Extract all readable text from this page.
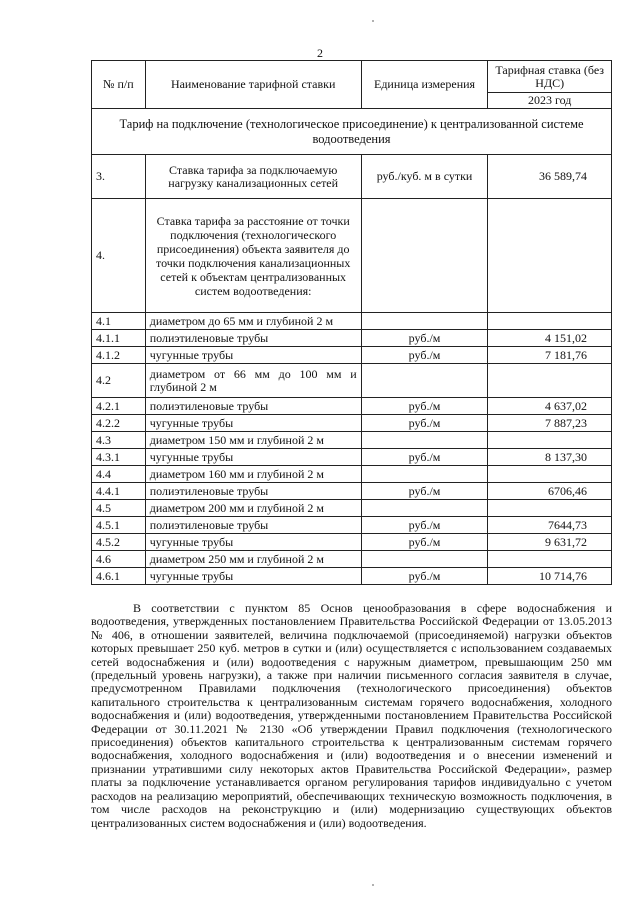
2
№ п/п	Наименование тарифной ставки	Единица измерения	Тарифная ставка (без НДС)
			2023 год
Тариф на подключение (технологическое присоединение) к централизованной системе водоотведения			
3.	Ставка тарифа за подключаемую нагрузку канализационных сетей	руб./куб. м в сутки	36 589,74
4.	Ставка тарифа за расстояние от точки подключения (технологического присоединения) объекта заявителя до точки подключения канализационных сетей к объектам централизованных систем водоотведения:		
4.1	диаметром до 65 мм и глубиной 2 м		
4.1.1	полиэтиленовые трубы	руб./м	4 151,02
4.1.2	чугунные трубы	руб./м	7 181,76
4.2	диаметром от 66 мм до 100 мм и глубиной 2 м		
4.2.1	полиэтиленовые трубы	руб./м	4 637,02
4.2.2	чугунные трубы	руб./м	7 887,23
4.3	диаметром 150 мм и глубиной 2 м		
4.3.1	чугунные трубы	руб./м	8 137,30
4.4	диаметром 160 мм и глубиной 2 м		
4.4.1	полиэтиленовые трубы	руб./м	6706,46
4.5	диаметром 200 мм и глубиной 2 м		
4.5.1	полиэтиленовые трубы	руб./м	7644,73
4.5.2	чугунные трубы	руб./м	9 631,72
4.6	диаметром 250 мм и глубиной 2 м		
4.6.1	чугунные трубы	руб./м	10 714,76

В соответствии с пунктом 85 Основ ценообразования в сфере водоснабжения и водоотведения, утвержденных постановлением Правительства Российской Федерации от 13.05.2013 № 406, в отношении заявителей, величина подключаемой (присоединяемой) нагрузки объектов которых превышает 250 куб. метров в сутки и (или) осуществляется с использованием создаваемых сетей водоснабжения и (или) водоотведения с наружным диаметром, превышающим 250 мм (предельный уровень нагрузки), а также при наличии письменного согласия заявителя в случае, предусмотренном Правилами подключения (технологического присоединения) объектов капитального строительства к централизованным системам горячего водоснабжения, холодного водоснабжения и (или) водоотведения, утвержденными постановлением Правительства Российской Федерации от 30.11.2021 № 2130 «Об утверждении Правил подключения (технологического присоединения) объектов капитального строительства к централизованным системам горячего водоснабжения, холодного водоснабжения и (или) водоотведения и о внесении изменений и признании утратившими силу некоторых актов Правительства Российской Федерации», размер платы за подключение устанавливается органом регулирования тарифов индивидуально с учетом расходов на реализацию мероприятий, обеспечивающих техническую возможность подключения, в том числе расходов на реконструкцию и (или) модернизацию существующих объектов централизованных систем водоснабжения и (или) водоотведения.
